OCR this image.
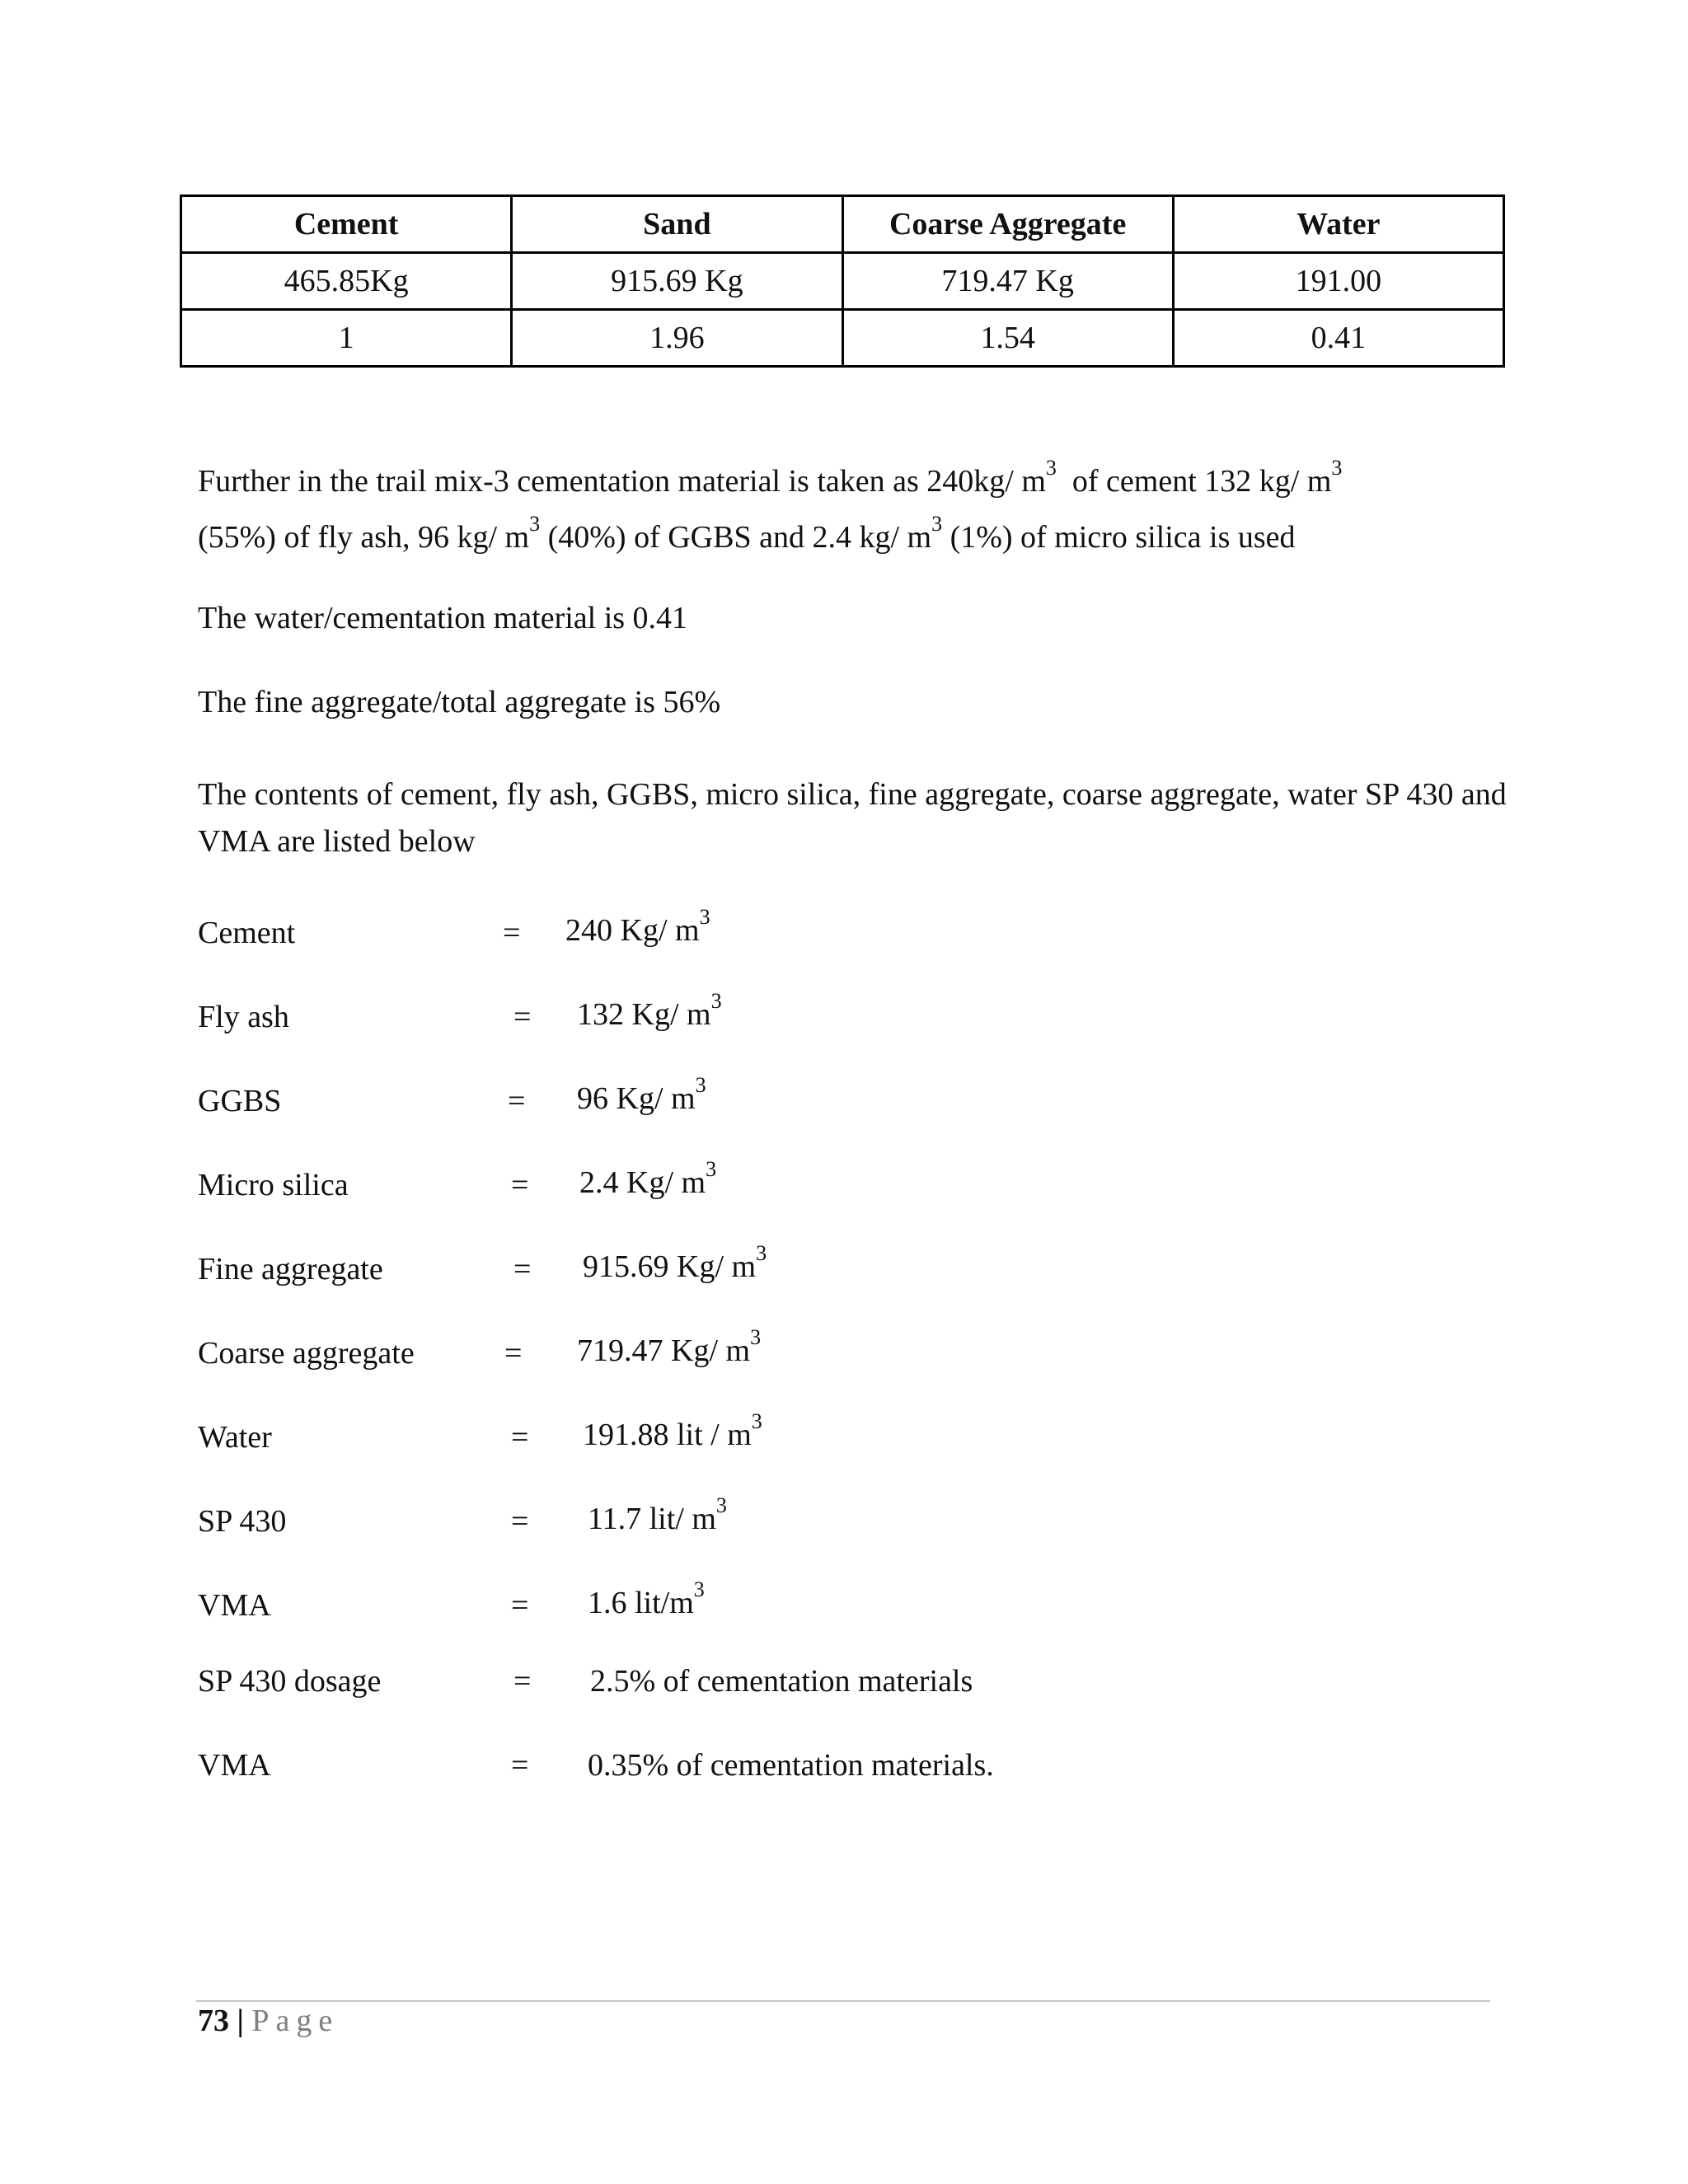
Cement	Sand	Coarse Aggregate	Water
465.85Kg	915.69 Kg	719.47 Kg	191.00
1	1.96	1.54	0.41

Further in the trail mix-3 cementation material is taken as 240kg/ $m^3$ of cement 132 kg/ $m^3$
(55%) of fly ash, 96 kg/ $m^3$ (40%) of GGBS and 2.4 kg/ $m^3$ (1%) of micro silica is used

The water/cementation material is 0.41

The fine aggregate/total aggregate is 56%

The contents of cement, fly ash, GGBS, micro silica, fine aggregate, coarse aggregate, water SP 430 and VMA are listed below

Cement	= 240 Kg/ $m^3$
Fly ash	= 132 Kg/ $m^3$
GGBS	= 96 Kg/ $m^3$
Micro silica	= 2.4 Kg/ $m^3$
Fine aggregate	= 915.69 Kg/ $m^3$
Coarse aggregate	= 719.47 Kg/ $m^3$
Water	= 191.88 lit / $m^3$
SP 430	= 11.7 lit/ $m^3$
VMA	= 1.6 lit/$m^3$
SP 430 dosage	= 2.5% of cementation materials
VMA	= 0.35% of cementation materials.
73 | Page
